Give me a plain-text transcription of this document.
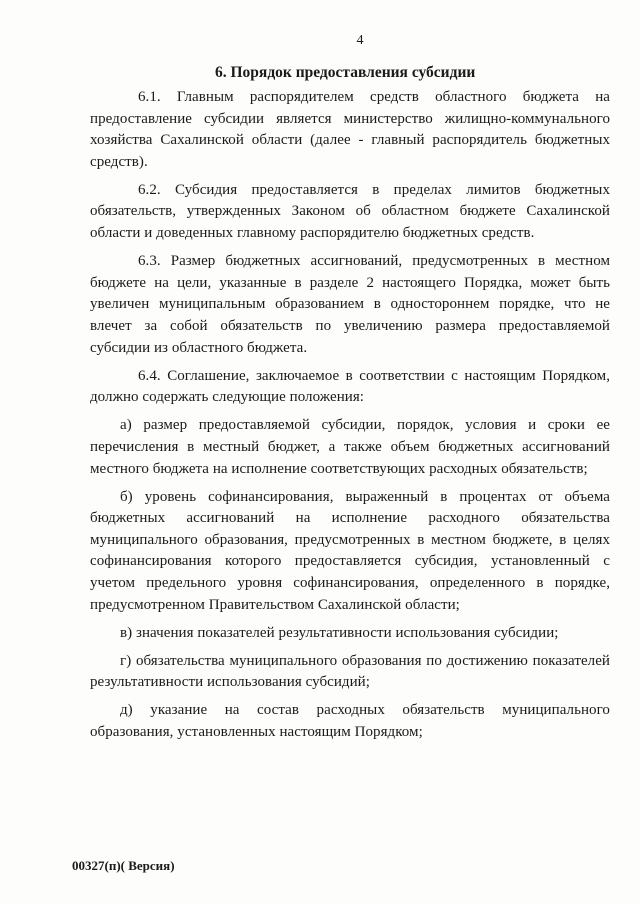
4
6. Порядок предоставления субсидии

6.1. Главным распорядителем средств областного бюджета на предоставление субсидии является министерство жилищно-коммунального хозяйства Сахалинской области (далее - главный распорядитель бюджетных средств).

6.2. Субсидия предоставляется в пределах лимитов бюджетных обязательств, утвержденных Законом об областном бюджете Сахалинской области и доведенных главному распорядителю бюджетных средств.

6.3. Размер бюджетных ассигнований, предусмотренных в местном бюджете на цели, указанные в разделе 2 настоящего Порядка, может быть увеличен муниципальным образованием в одностороннем порядке, что не влечет за собой обязательств по увеличению размера предоставляемой субсидии из областного бюджета.

6.4. Соглашение, заключаемое в соответствии с настоящим Порядком, должно содержать следующие положения:

а) размер предоставляемой субсидии, порядок, условия и сроки ее перечисления в местный бюджет, а также объем бюджетных ассигнований местного бюджета на исполнение соответствующих расходных обязательств;

б) уровень софинансирования, выраженный в процентах от объема бюджетных ассигнований на исполнение расходного обязательства муниципального образования, предусмотренных в местном бюджете, в целях софинансирования которого предоставляется субсидия, установленный с учетом предельного уровня софинансирования, определенного в порядке, предусмотренном Правительством Сахалинской области;

в) значения показателей результативности использования субсидии;

г) обязательства муниципального образования по достижению показателей результативности использования субсидий;

д) указание на состав расходных обязательств муниципального образования, установленных настоящим Порядком;

00327(п)( Версия)
